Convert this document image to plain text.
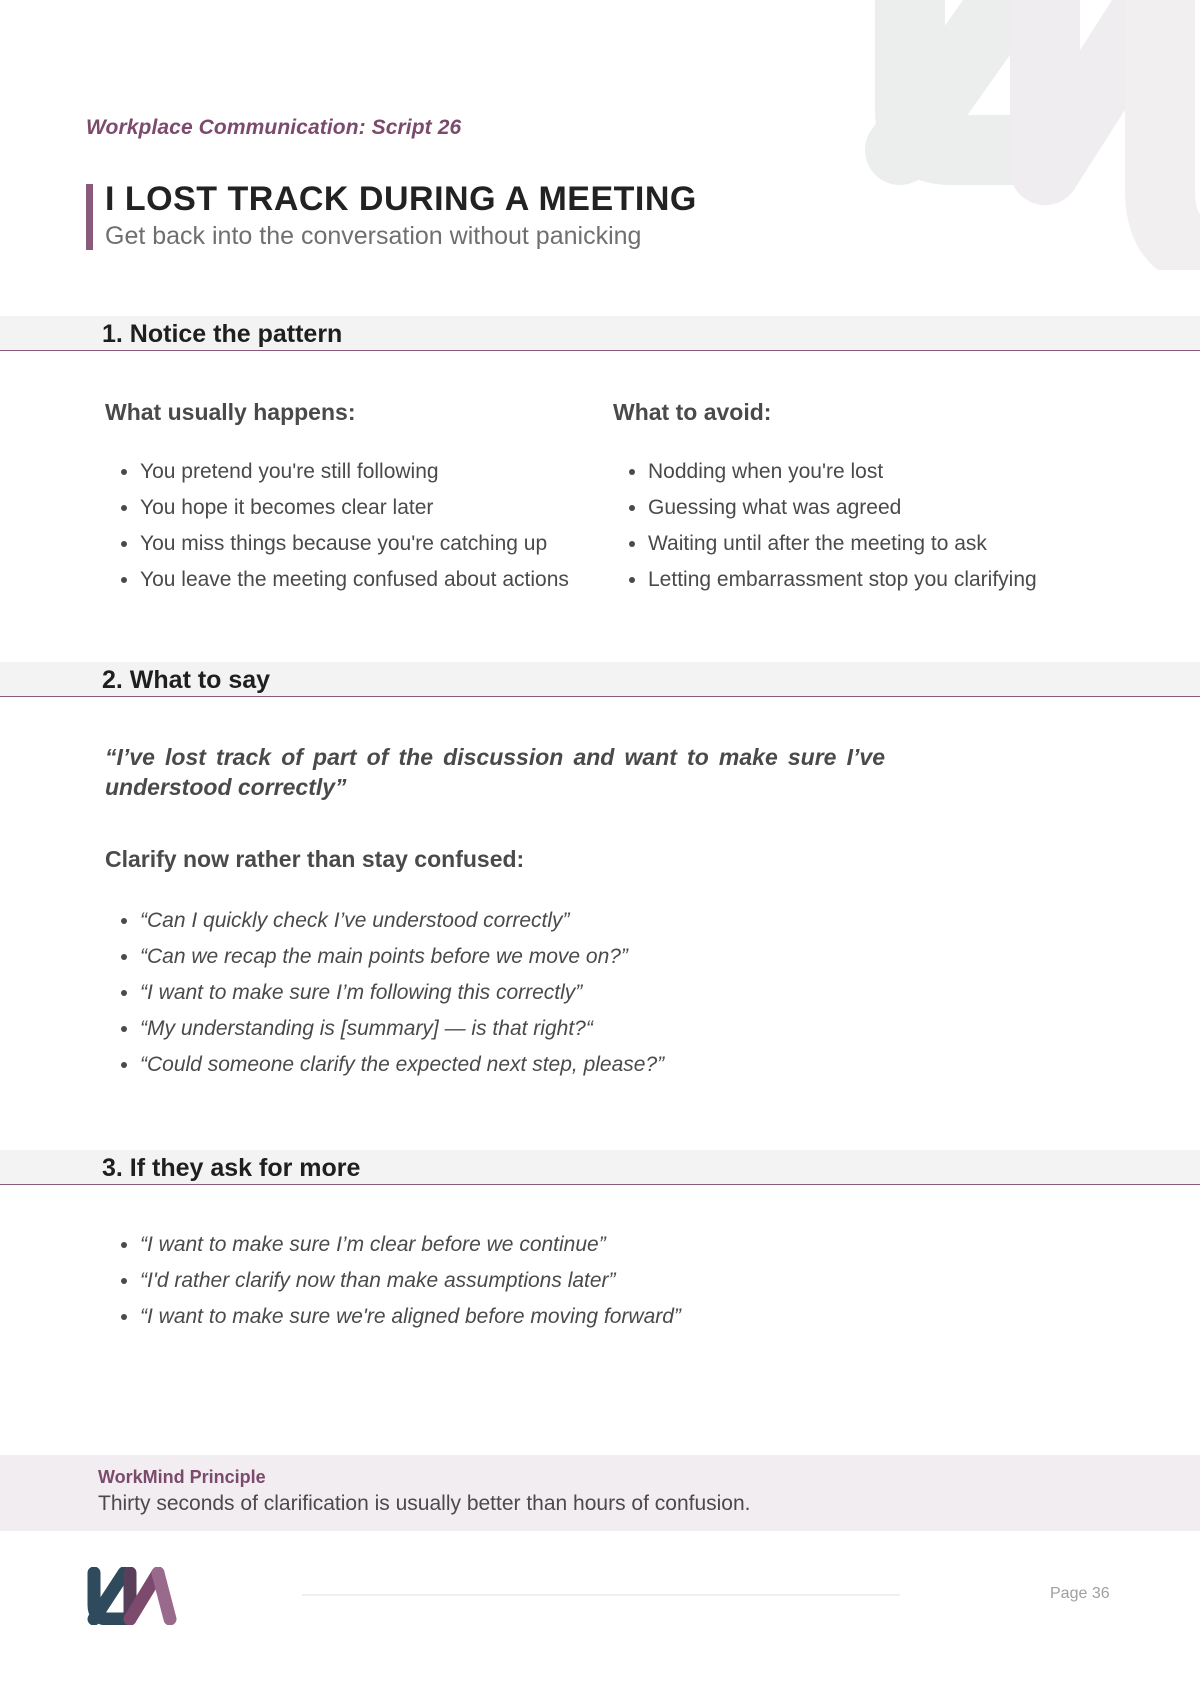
Workplace Communication: Script 26
I LOST TRACK DURING A MEETING
Get back into the conversation without panicking
1. Notice the pattern
What usually happens:
• You pretend you're still following
• You hope it becomes clear later
• You miss things because you're catching up
• You leave the meeting confused about actions
What to avoid:
• Nodding when you're lost
• Guessing what was agreed
• Waiting until after the meeting to ask
• Letting embarrassment stop you clarifying
2. What to say
“I’ve lost track of part of the discussion and want to make sure I’ve understood correctly”
Clarify now rather than stay confused:
• “Can I quickly check I’ve understood correctly”
• “Can we recap the main points before we move on?”
• “I want to make sure I’m following this correctly”
• “My understanding is [summary] — is that right?“
• “Could someone clarify the expected next step, please?”
3. If they ask for more
• “I want to make sure I’m clear before we continue”
• “I'd rather clarify now than make assumptions later”
• “I want to make sure we're aligned before moving forward”
WorkMind Principle
Thirty seconds of clarification is usually better than hours of confusion.
Page 36
